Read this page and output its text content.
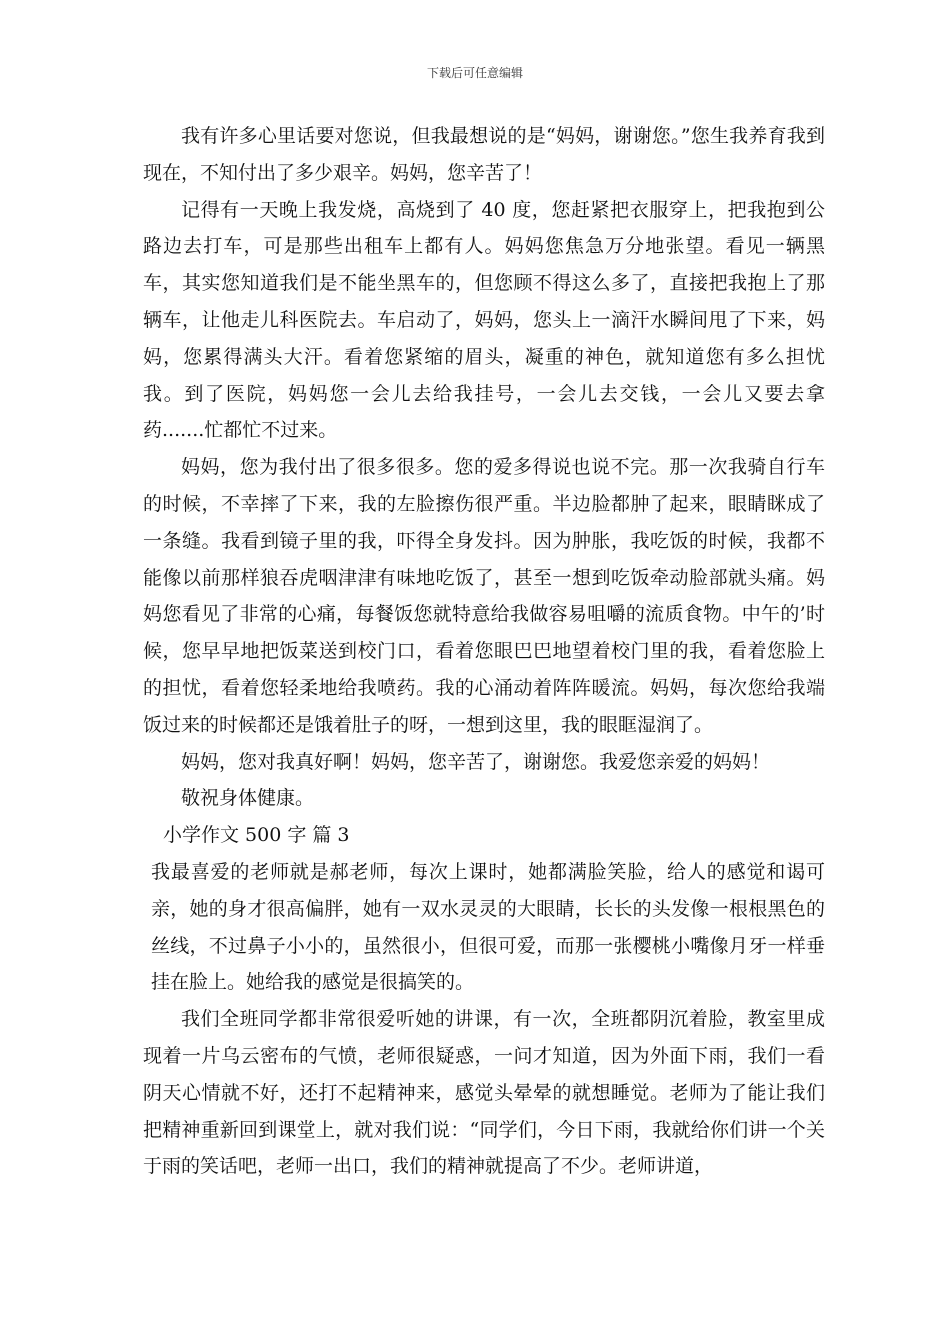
下载后可任意编辑

我有许多心里话要对您说，但我最想说的是“妈妈，谢谢您。”您生我养育我到现在，不知付出了多少艰辛。妈妈，您辛苦了！

记得有一天晚上我发烧，高烧到了 40 度，您赶紧把衣服穿上，把我抱到公路边去打车，可是那些出租车上都有人。妈妈您焦急万分地张望。看见一辆黑车，其实您知道我们是不能坐黑车的，但您顾不得这么多了，直接把我抱上了那辆车，让他走儿科医院去。车启动了，妈妈，您头上一滴汗水瞬间甩了下来，妈妈，您累得满头大汗。看着您紧缩的眉头，凝重的神色，就知道您有多么担忧我。到了医院，妈妈您一会儿去给我挂号，一会儿去交钱，一会儿又要去拿药.......忙都忙不过来。

妈妈，您为我付出了很多很多。您的爱多得说也说不完。那一次我骑自行车的时候，不幸摔了下来，我的左脸擦伤很严重。半边脸都肿了起来，眼睛眯成了一条缝。我看到镜子里的我，吓得全身发抖。因为肿胀，我吃饭的时候，我都不能像以前那样狼吞虎咽津津有味地吃饭了，甚至一想到吃饭牵动脸部就头痛。妈妈您看见了非常的心痛，每餐饭您就特意给我做容易咀嚼的流质食物。中午的’时候，您早早地把饭菜送到校门口，看着您眼巴巴地望着校门里的我，看着您脸上的担忧，看着您轻柔地给我喷药。我的心涌动着阵阵暖流。妈妈，每次您给我端饭过来的时候都还是饿着肚子的呀，一想到这里，我的眼眶湿润了。

妈妈，您对我真好啊！妈妈，您辛苦了，谢谢您。我爱您亲爱的妈妈！

敬祝身体健康。

小学作文 500 字 篇 3

我最喜爱的老师就是郝老师，每次上课时，她都满脸笑脸，给人的感觉和谒可亲，她的身才很高偏胖，她有一双水灵灵的大眼睛，长长的头发像一根根黑色的丝线，不过鼻子小小的，虽然很小，但很可爱，而那一张樱桃小嘴像月牙一样垂挂在脸上。她给我的感觉是很搞笑的。

我们全班同学都非常很爱听她的讲课，有一次，全班都阴沉着脸，教室里成现着一片乌云密布的气愤，老师很疑惑，一问才知道，因为外面下雨，我们一看阴天心情就不好，还打不起精神来，感觉头晕晕的就想睡觉。老师为了能让我们把精神重新回到课堂上，就对我们说：“同学们，今日下雨，我就给你们讲一个关于雨的笑话吧，老师一出口，我们的精神就提高了不少。老师讲道，
